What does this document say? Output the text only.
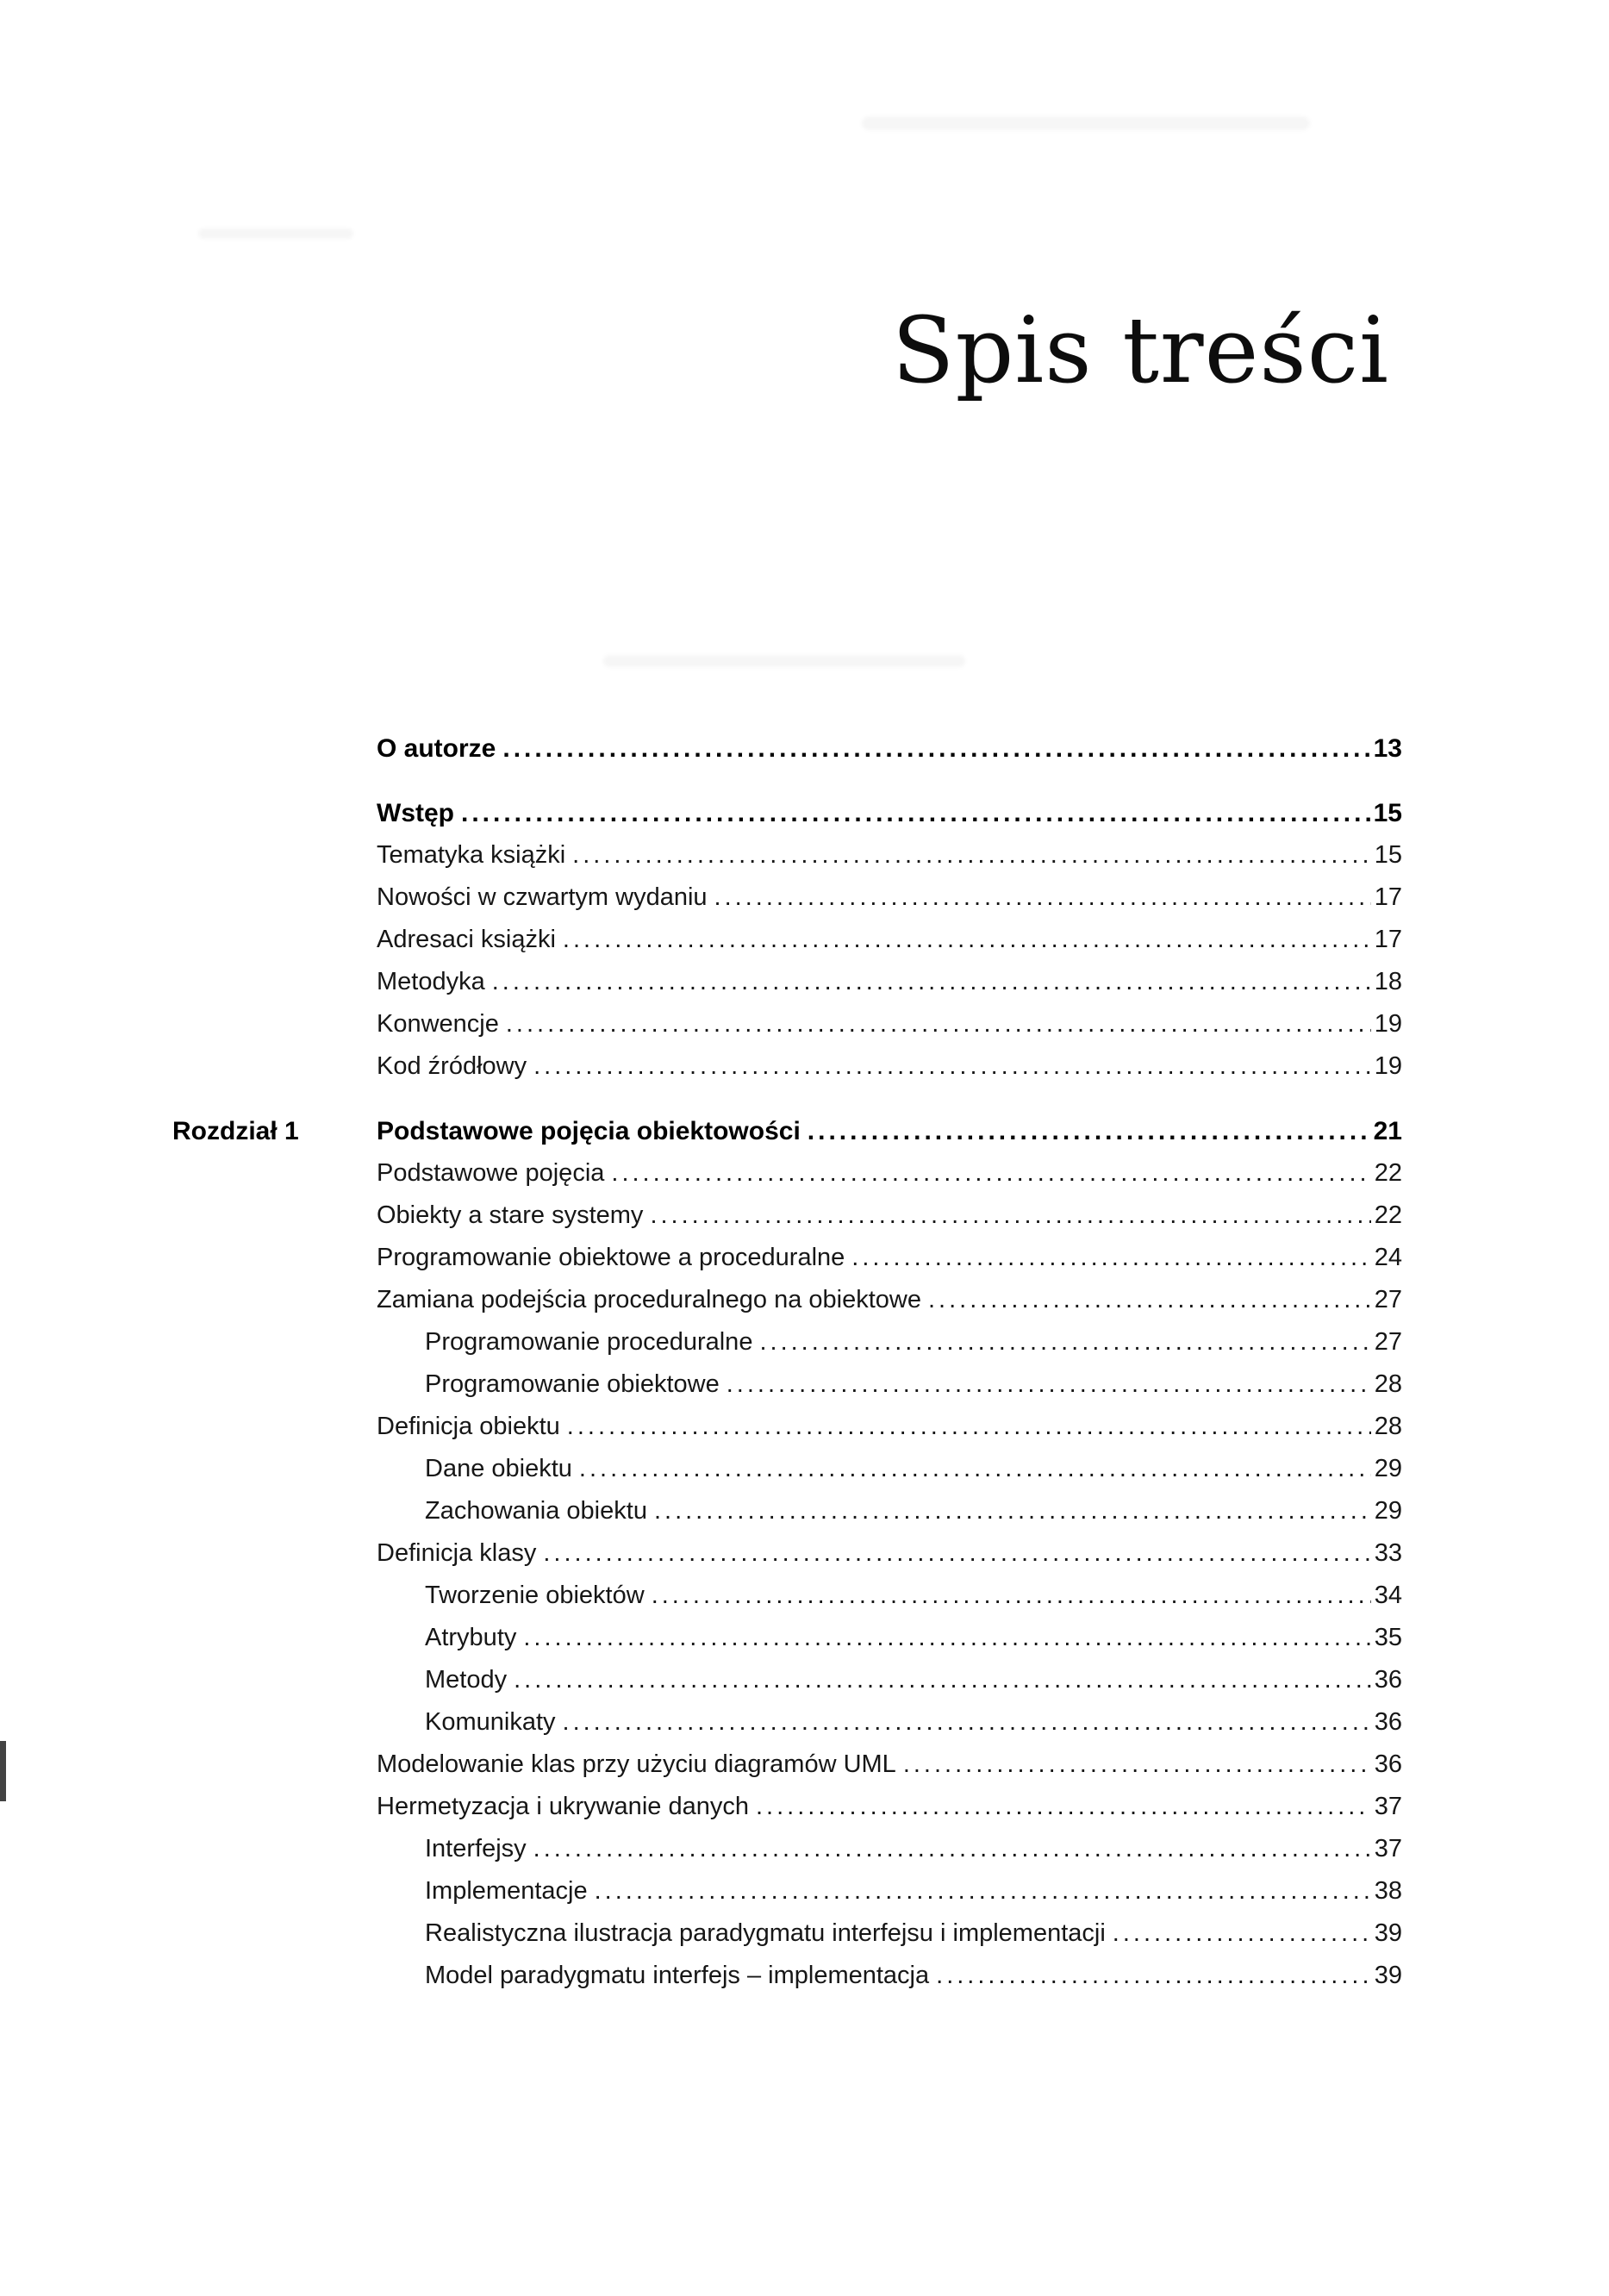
Spis treści
O autorze .....	13
Wstęp .....	15
Tematyka książki .....	15
Nowości w czwartym wydaniu .....	17
Adresaci książki .....	17
Metodyka .....	18
Konwencje .....	19
Kod źródłowy .....	19
Rozdział 1	Podstawowe pojęcia obiektowości .....	21
Podstawowe pojęcia .....	22
Obiekty a stare systemy .....	22
Programowanie obiektowe a proceduralne .....	24
Zamiana podejścia proceduralnego na obiektowe .....	27
Programowanie proceduralne .....	27
Programowanie obiektowe .....	28
Definicja obiektu .....	28
Dane obiektu .....	29
Zachowania obiektu .....	29
Definicja klasy .....	33
Tworzenie obiektów .....	34
Atrybuty .....	35
Metody .....	36
Komunikaty .....	36
Modelowanie klas przy użyciu diagramów UML .....	36
Hermetyzacja i ukrywanie danych .....	37
Interfejsy .....	37
Implementacje .....	38
Realistyczna ilustracja paradygmatu interfejsu i implementacji .....	39
Model paradygmatu interfejs – implementacja .....	39
